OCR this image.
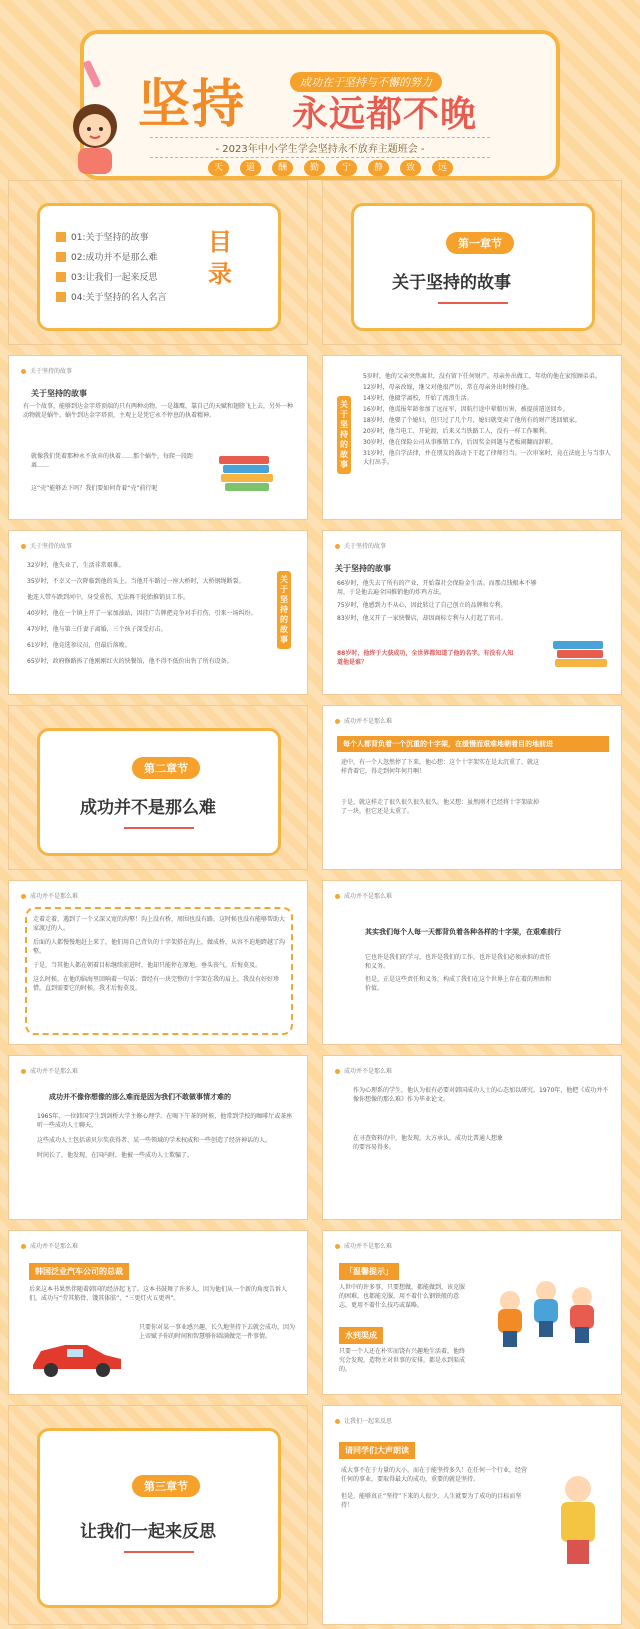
坚持	成功在于坚持与不懈的努力
永远都不晚
- 2023年中小学生学会坚持永不放弃主题班会 -
天	道	酬	勤	宁	静	致	远
01:关于坚持的故事
02:成功并不是那么难
03:让我们一起来反思
04:关于坚持的名人名言
目录
第一章节
关于坚持的故事
关于坚持的故事
关于坚持的故事
有一个故事，能够到达金字塔顶端的只有两种动物，一是雄鹰，靠自己的天赋和翅膀飞上去，另外一种动物就是蜗牛。蜗牛到达金字塔顶，主观上是凭它永不停息的执着精神。
就像我们凭着那种永不放弃的执着……那个蜗牛，每爬一段距离……
这“壳”能够丢下吗？我们要如何背着“壳”前行呢
关于坚持的故事
5岁时，他的父亲突然离世，没有留下任何财产。母亲外出做工，年幼的他在家照顾弟弟。
12岁时，母亲改嫁，继父对他很严厉，常在母亲外出时揍打他。
14岁时，他辍学离校，开始了流浪生活。
16岁时，他谎报年龄参加了远征军，因航行途中晕船厉害，被提前遣送回乡。
18岁时，他娶了个媳妇，但只过了几个月，媳妇就变卖了他所有的财产逃回娘家。
20岁时，他当电工、开轮渡，后来又当铁路工人，没有一样工作顺利。
30岁时，他在保险公司从事推销工作，后因奖金问题与老板闹翻而辞职。
31岁时，他自学法律，并在朋友的鼓动下干起了律师行当。一次审案时，竟在法庭上与当事人大打出手。
关于坚持的故事
32岁时，他失业了，生活非常艰难。
35岁时，不幸又一次降临到他的头上。当他开车路过一座大桥时，大桥钢绳断裂。
他连人带车跌到河中，身受重伤，无法再干轮胎推销员工作。
40岁时，他在一个镇上开了一家加油站，因挂广告牌把竞争对手打伤，引来一场纠纷。
47岁时，他与第三任妻子离婚，三个孩子深受打击。
61岁时，他竞选参议员，但最后落败。
65岁时，政府修路拆了他刚刚红火的快餐馆，他不得不低价出售了所有设备。
关于坚持的故事
关于坚持的故事
关于坚持的故事
66岁时，他失去了所有的产业，开始靠社会保险金生活。而那点钱根本不够用，于是他去遍全国推销他的炸鸡方法。
75岁时，他感到力不从心，因此转让了自己创立的品牌和专利。
83岁时，他又开了一家快餐店，却因商标专利与人打起了官司。
88岁时，他终于大获成功，全世界都知道了他的名字。有没有人知道他是谁？
第二章节
成功并不是那么难
成功并不是那么难
每个人都背负着一个沉重的十字架，在缓慢而艰难地朝着目的地前进
途中，有一个人忽然停了下来。他心想：这个十字架实在是太沉重了，就这样背着它，得走到何年何月啊！
于是，就这样走了很久很久很久很久。他又想：虽然刚才已经将十字架砍掉了一块，但它还是太重了。
成功并不是那么难
走着走着，遇到了一个又深又宽的沟壑！沟上没有桥，周围也没有路。这时候也没有能够帮助大家渡过的人。
后面的人都慢慢地赶上来了，他们用自己背负的十字架搭在沟上，做成桥，从容不迫地跨越了沟壑。
于是，当其他人都在朝着目标继续前进时，他却只能停在原地，垂头丧气，后悔莫及。
这么时候，在他的脑海里回响着一句话：曾经有一块完整的十字架在我的肩上，我没有好好珍惜，直到需要它的时候，我才后悔莫及。
成功并不是那么难
其实我们每个人每一天都背负着各种各样的十字架，在艰难前行
它也许是我们的学习，也许是我们的工作，也许是我们必须承担的责任和义务。
但是，正是这些责任和义务，构成了我们在这个世界上存在着的理由和价值。
成功并不是那么难
成功并不像你想像的那么难而是因为我们不敢做事情才难的
1965年，一位韩国学生到剑桥大学主修心理学。在喝下午茶的时候，他常到学校的咖啡厅或茶座听一些成功人士聊天。
这些成功人士包括诺贝尔奖获得者、某一些领域的学术权威和一些创造了经济神话的人。
时间长了，他发现，在国内时，他被一些成功人士欺骗了。
成功并不是那么难
作为心理系的学生，他认为很有必要对韩国成功人士的心态加以研究。1970年，他把《成功并不像你想像的那么难》作为毕业论文。
在寻查资料的中，他发现，大方承认，成功比普通人想象的要容易得多。
成功并不是那么难
韩国泛业汽车公司的总裁
后来这本书果然伴随着韩国的经济起飞了。这本书鼓舞了许多人，因为他们从一个新的角度告诉人们，成功与“劳其筋骨，饿其体肤”，“三更灯火五更鸡”。
只要你对某一事业感兴趣，长久地坚持下去就会成功，因为上帝赋予你的时间和智慧够你圆满做完一件事情。
成功并不是那么难
「温馨提示」
人世中的许多事，只要想做，都能做到，该克服的困难，也都能克服，用不着什么钢铁般的意志，更用不着什么技巧或谋略。
水到渠成
只要一个人还在朴实而饶有兴趣地生活着，他终究会发现，造物主对世事的安排，都是水到渠成的。
第三章节
让我们一起来反思
让我们一起来反思
请同学们大声朗读
成大事不在于力量的大小，而在于能坚持多久！在任何一个行业，经营任何的事业，要取得最大的成功，重要的就是坚持。
但是，能够真正“坚持”下来的人很少，人生就要为了成功的目标而坚持！
